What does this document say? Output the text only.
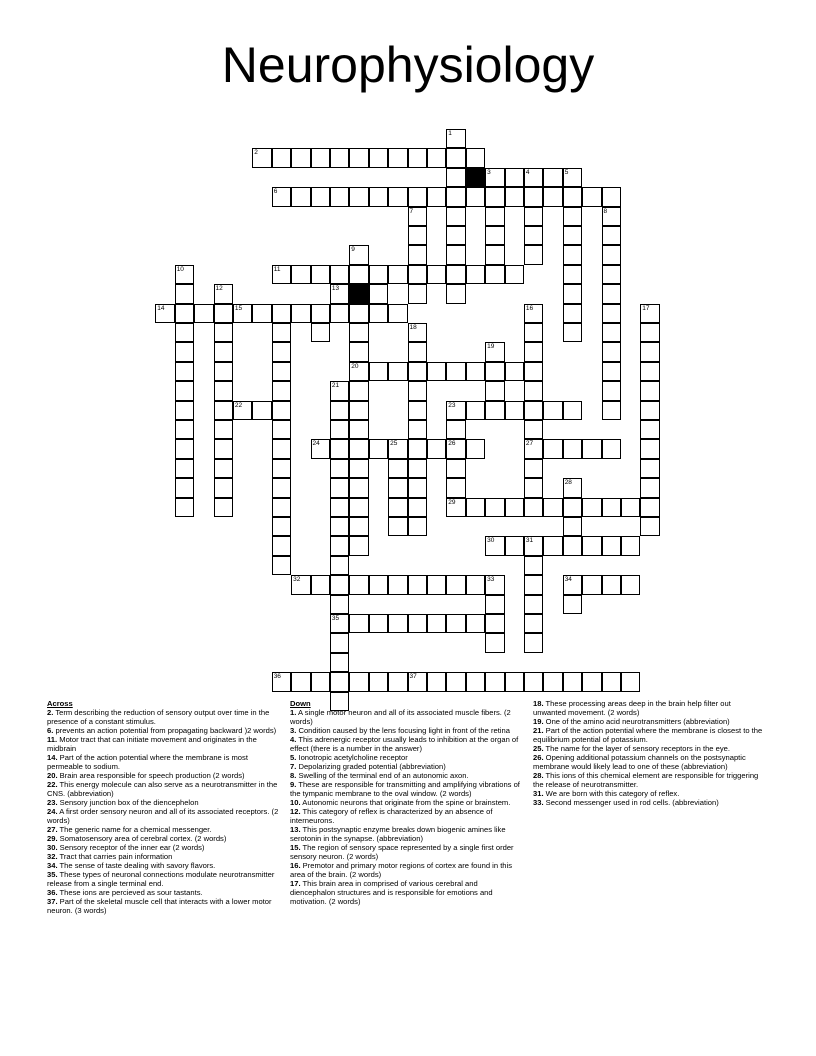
Neurophysiology
1
2
3	4	5
6
7	8
9
10	11
12	13
14	15	16	17
18
19
20
21
22	23
24	25	26	27
28
29
30	31
32	33	34
35
36	37
Across
2. Term describing the reduction of sensory output over time in the presence of a constant stimulus.
6. prevents an action potential from propagating backward )2 words)
11. Motor tract that can initiate movement and originates in the midbrain
14. Part of the action potential where the membrane is most permeable to sodium.
20. Brain area responsible for speech production (2 words)
22. This energy molecule can also serve as a neurotransmitter in the CNS. (abbreviation)
23. Sensory junction box of the diencephelon
24. A first order sensory neuron and all of its associated receptors. (2 words)
27. The generic name for a chemical messenger.
29. Somatosensory area of cerebral cortex. (2 words)
30. Sensory receptor of the inner ear (2 words)
32. Tract that carries pain information
34. The sense of taste dealing with savory flavors.
35. These types of neuronal connections modulate neurotransmitter release from a single terminal end.
36. These ions are percieved as sour tastants.
37. Part of the skeletal muscle cell that interacts with a lower motor neuron. (3 words)
Down
1. A single motor neuron and all of its associated muscle fibers. (2 words)
3. Condition caused by the lens focusing light in front of the retina
4. This adrenergic receptor usually leads to inhibition at the organ of effect (there is a number in the answer)
5. Ionotropic acetylcholine receptor
7. Depolarizing graded potential (abbreviation)
8. Swelling of the terminal end of an autonomic axon.
9. These are responsible for transmitting and amplifying vibrations of the tympanic membrane to the oval window. (2 words)
10. Autonomic neurons that originate from the spine or brainstem.
12. This category of reflex is characterized by an absence of interneurons.
13. This postsynaptic enzyme breaks down biogenic amines like serotonin in the synapse. (abbreviation)
15. The region of sensory space represented by a single first order sensory neuron. (2 words)
16. Premotor and primary motor regions of cortex are found in this area of the brain. (2 words)
17. This brain area in comprised of various cerebral and diencephalon structures and is responsible for emotions and motivation. (2 words)
18. These processing areas deep in the brain help filter out unwanted movement. (2 words)
19. One of the amino acid neurotransmitters (abbreviation)
21. Part of the action potential where the membrane is closest to the equilibrium potential of potassium.
25. The name for the layer of sensory receptors in the eye.
26. Opening additional potassium channels on the postsynaptic membrane would likely lead to one of these (abbreviation)
28. This ions of this chemical element are responsible for triggering the release of neurotransmitter.
31. We are born with this category of reflex.
33. Second messenger used in rod cells. (abbreviation)
